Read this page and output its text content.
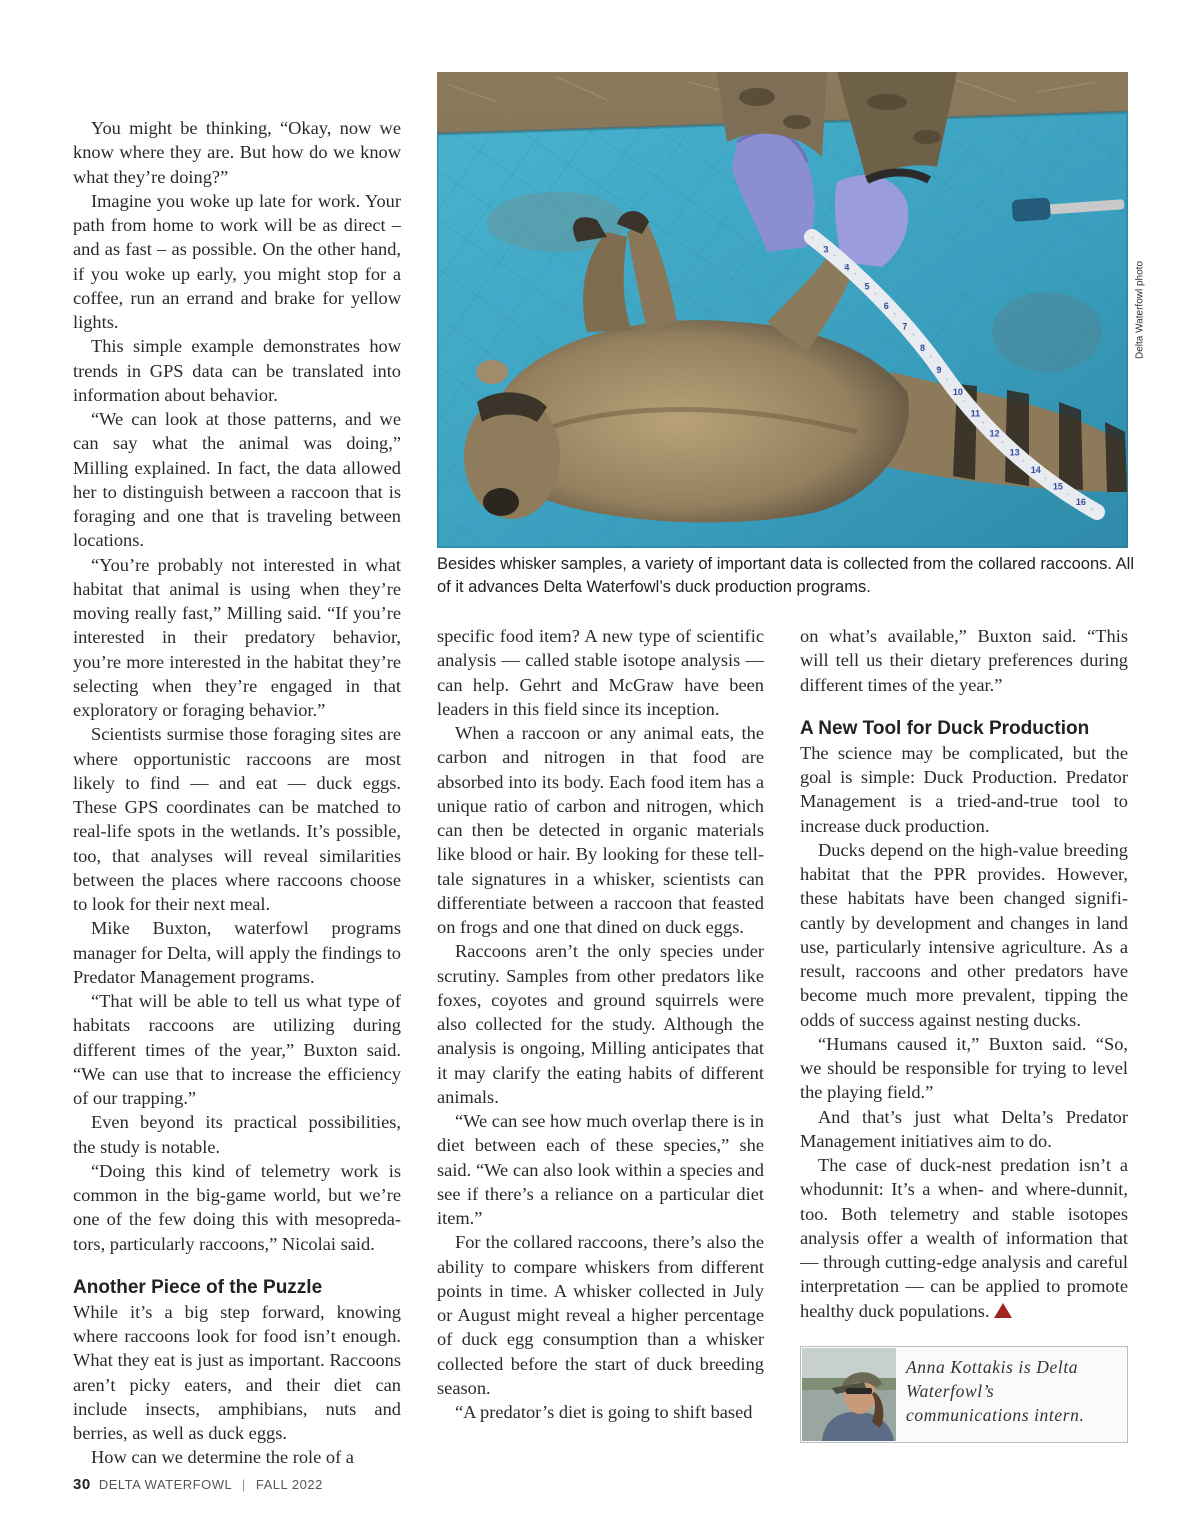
3
4
5
6
7
8
9
10
11
12
13
14
15
16
Delta Waterfowl photo
Besides whisker samples, a variety of important data is collected from the collared raccoons. All of it advances Delta Waterfowl’s duck production programs.

You might be thinking, “Okay, now we know where they are. But how do we know what they’re doing?”

Imagine you woke up late for work. Your path from home to work will be as direct – and as fast – as possible. On the other hand, if you woke up early, you might stop for a coffee, run an errand and brake for yellow lights.

This simple example demonstrates how trends in GPS data can be translated into information about behavior.

“We can look at those patterns, and we can say what the animal was doing,” Milling explained. In fact, the data allowed her to distinguish between a raccoon that is foraging and one that is traveling between locations.

“You’re probably not interested in what habitat that animal is using when they’re moving really fast,” Milling said. “If you’re interested in their predatory behavior, you’re more interested in the habitat they’re selecting when they’re engaged in that exploratory or foraging behavior.”

Scientists surmise those foraging sites are where opportunistic raccoons are most likely to find — and eat — duck eggs. These GPS coordinates can be matched to real-life spots in the wetlands. It’s possible, too, that analyses will reveal similarities between the places where raccoons choose to look for their next meal.

Mike Buxton, waterfowl programs manager for Delta, will apply the findings to Predator Management programs.

“That will be able to tell us what type of habitats raccoons are utilizing during different times of the year,” Buxton said. “We can use that to increase the efficiency of our trapping.”

Even beyond its practical possibilities, the study is notable.

“Doing this kind of telemetry work is common in the big-game world, but we’re one of the few doing this with mesopredators, particularly raccoons,” Nicolai said.

Another Piece of the Puzzle

While it’s a big step forward, knowing where raccoons look for food isn’t enough. What they eat is just as important. Raccoons aren’t picky eaters, and their diet can include insects, amphibians, nuts and berries, as well as duck eggs.

How can we determine the role of a

specific food item? A new type of scientific analysis — called stable isotope analysis — can help. Gehrt and McGraw have been leaders in this field since its inception.

When a raccoon or any animal eats, the carbon and nitrogen in that food are absorbed into its body. Each food item has a unique ratio of carbon and nitrogen, which can then be detected in organic materials like blood or hair. By looking for these tell-tale signatures in a whisker, scientists can differentiate between a raccoon that feasted on frogs and one that dined on duck eggs.

Raccoons aren’t the only species under scrutiny. Samples from other predators like foxes, coyotes and ground squirrels were also collected for the study. Although the analysis is ongoing, Milling anticipates that it may clarify the eating habits of different animals.

“We can see how much overlap there is in diet between each of these species,” she said. “We can also look within a species and see if there’s a reliance on a particular diet item.”

For the collared raccoons, there’s also the ability to compare whiskers from different points in time. A whisker collected in July or August might reveal a higher percentage of duck egg consumption than a whisker collected before the start of duck breeding season.

“A predator’s diet is going to shift based

on what’s available,” Buxton said. “This will tell us their dietary preferences during different times of the year.”

A New Tool for Duck Production

The science may be complicated, but the goal is simple: Duck Production. Predator Management is a tried-and-true tool to increase duck production.

Ducks depend on the high-value breeding habitat that the PPR provides. However, these habitats have been changed significantly by development and changes in land use, particularly intensive agriculture. As a result, raccoons and other predators have become much more prevalent, tipping the odds of success against nesting ducks.

“Humans caused it,” Buxton said. “So, we should be responsible for trying to level the playing field.”

And that’s just what Delta’s Predator Management initiatives aim to do.

The case of duck-nest predation isn’t a whodunnit: It’s a when- and where-dunnit, too. Both telemetry and stable isotopes analysis offer a wealth of information that — through cutting-edge analysis and careful interpretation — can be applied to promote healthy duck populations.

Anna Kottakis is Delta Waterfowl’s communications intern.
30 DELTA WATERFOWL | FALL 2022
